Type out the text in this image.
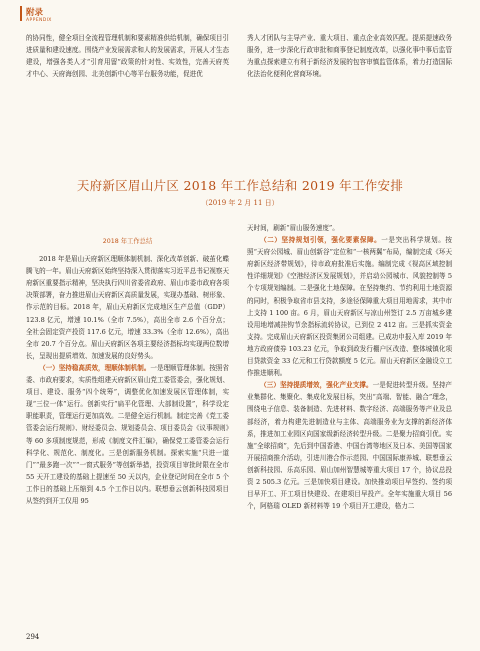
附录
APPENDIX

的协同性，健全项目全流程管理机制和要素精准供给机制，确保项目引进质量和建设速度。围绕产业发展需求和人的发展需求，开展人才生态建设，增强各类人才“引育用留”政策的针对性、实效性，完善天府英才中心、天府海创园、北美创新中心等平台服务功能，促进优

秀人才团队与主导产业、重大项目、重点企业高效匹配。提质提速政务服务，进一步深化行政审批和商事登记制度改革，以强化事中事后监管为重点探索建立有利于新经济发展的包容审慎监管体系，着力打造国际化法治化便利化营商环境。

天府新区眉山片区 2018 年工作总结和 2019 年工作安排
（2019 年 2 月 11 日）

2018 年工作总结

2018 年是眉山天府新区理顺体制机制、深化改革创新、破茧化蝶腾飞的一年。眉山天府新区始终坚持深入贯彻落实习近平总书记视察天府新区重要指示精神，坚决执行四川省委省政府、眉山市委市政府各项决策部署，奋力推进眉山天府新区高质量发展，实现办基础、树形象、作示范的目标。2018 年，眉山天府新区完成地区生产总值（GDP）123.8 亿元，增速 10.1%（全市 7.5%），高出全市 2.6 个百分点；全社会固定资产投资 117.6 亿元，增速 33.3%（全市 12.6%），高出全市 20.7 个百分点。眉山天府新区各项主要经济指标均实现两位数增长，呈现出提质增效、加速发展的良好势头。

（一）坚持稳高质效，理顺体制机制。一是理顺管理体制。按照省委、市政府要求，实质性组建天府新区眉山党工委管委会，强化规划、项目、建设、服务“四个统筹”，调整优化加速发展区管理体制，实现“三位一体”运行。创新实行“扁平化管理、大部制设置”，科学设定职能职责，管理运行更加高效。二是健全运行机制。制定完善《党工委管委会运行规则》、财经委员会、规划委员会、项目委员会《议事规则》等 60 多项制度规范，形成《制度文件汇编》，确保党工委管委会运行科学化、规范化、制度化。三是创新服务机制。探索实施“只进一道门”“最多跑一次”“一窗式服务”等创新举措，投资项目审批时限在全市 55 天开工建设的基础上提速至 50 天以内，企业登记时间在全市 5 个工作日的基础上压缩到 4.5 个工作日以内。联想垂云创新科技园项目从签约到开工仅用 95

天时间，刷新“眉山服务速度”。

（二）坚持规划引领，强化要素保障。一是突出科学规划。按照“天府公园城、眉山创新谷”定位和“一核两翼”布局，编制完成《环天府新区经济带规划》，待市政府批准后实施。编制完成《视高区域控制性详细规划》《空港经济区发展规划》，并启动公园城市、风貌控制等 5 个专项规划编制。二是强化土地保障。在坚持集约、节约利用土地资源的同时，积极争取省市县支持，多途径保障重大项目用地需求，其中市上支持 1 100 亩。6 月，眉山天府新区与凉山州签订 2.5 万亩城乡建设用地增减挂钩节余指标流转协议，已到位 2 412 亩。三是抓实资金支持。完成眉山天府新区投资集团公司组建。已成功申报入库 2019 年地方政府债券 103.23 亿元，争取到政发行棚户区改造、整体城镇化项目贷款资金 33 亿元和工行贷款额度 5 亿元。眉山天府新区金融设立工作推进顺利。

（三）坚持提质增效，强化产业支撑。一是促进转型升级。坚持产业集群化、集聚化、集成化发展目标，突出“高端、智能、融合”理念，围绕电子信息、装备制造、先进材料、数字经济、高端服务等产业及总部经济，着力构建先进制造业与主体、高端服务业为支撑的新经济体系，推进加工业园区向国家级新经济转型升级。二是聚力招商引优。实施“全球招商”，先后到中国香港、中国台湾等地区及日本、美国等国家开展招商推介活动，引进川港合作示范园、中国国际康养城、联想垂云创新科技园、乐高乐园、眉山加州智慧城等重大项目 17 个，协议总投资 2 505.3 亿元。三是加快项目建设。加快推动项目早签约、签约项目早开工、开工项目快建设、在建项目早投产。全年实施重大项目 56 个，阿格瑞 OLED 新材料等 19 个项目开工建设，格力二

294
